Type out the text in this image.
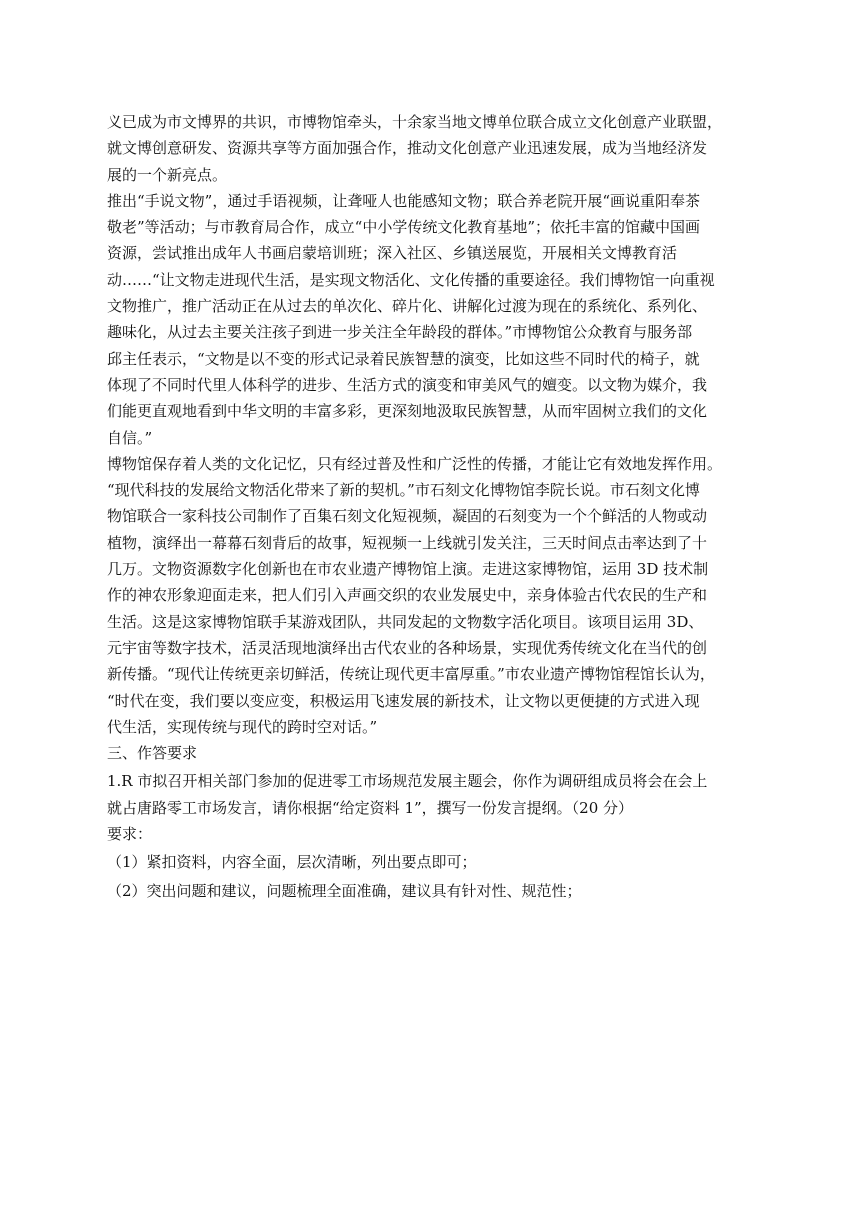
义已成为市文博界的共识，市博物馆牵头，十余家当地文博单位联合成立文化创意产业联盟，
就文博创意研发、资源共享等方面加强合作，推动文化创意产业迅速发展，成为当地经济发
展的一个新亮点。
推出“手说文物”，通过手语视频，让聋哑人也能感知文物；联合养老院开展“画说重阳奉茶
敬老”等活动；与市教育局合作，成立“中小学传统文化教育基地”；依托丰富的馆藏中国画
资源，尝试推出成年人书画启蒙培训班；深入社区、乡镇送展览，开展相关文博教育活
动……“让文物走进现代生活，是实现文物活化、文化传播的重要途径。我们博物馆一向重视
文物推广，推广活动正在从过去的单次化、碎片化、讲解化过渡为现在的系统化、系列化、
趣味化，从过去主要关注孩子到进一步关注全年龄段的群体。”市博物馆公众教育与服务部
邱主任表示，“文物是以不变的形式记录着民族智慧的演变，比如这些不同时代的椅子，就
体现了不同时代里人体科学的进步、生活方式的演变和审美风气的嬗变。以文物为媒介，我
们能更直观地看到中华文明的丰富多彩，更深刻地汲取民族智慧，从而牢固树立我们的文化
自信。”
博物馆保存着人类的文化记忆，只有经过普及性和广泛性的传播，才能让它有效地发挥作用。
“现代科技的发展给文物活化带来了新的契机。”市石刻文化博物馆李院长说。市石刻文化博
物馆联合一家科技公司制作了百集石刻文化短视频，凝固的石刻变为一个个鲜活的人物或动
植物，演绎出一幕幕石刻背后的故事，短视频一上线就引发关注，三天时间点击率达到了十
几万。文物资源数字化创新也在市农业遗产博物馆上演。走进这家博物馆，运用 3D 技术制
作的神农形象迎面走来，把人们引入声画交织的农业发展史中，亲身体验古代农民的生产和
生活。这是这家博物馆联手某游戏团队，共同发起的文物数字活化项目。该项目运用 3D、
元宇宙等数字技术，活灵活现地演绎出古代农业的各种场景，实现优秀传统文化在当代的创
新传播。“现代让传统更亲切鲜活，传统让现代更丰富厚重。”市农业遗产博物馆程馆长认为，
“时代在变，我们要以变应变，积极运用飞速发展的新技术，让文物以更便捷的方式进入现
代生活，实现传统与现代的跨时空对话。”
三、作答要求
1.R 市拟召开相关部门参加的促进零工市场规范发展主题会，你作为调研组成员将会在会上
就占唐路零工市场发言，请你根据“给定资料 1”，撰写一份发言提纲。（20 分）
要求：
（1）紧扣资料，内容全面，层次清晰，列出要点即可；
（2）突出问题和建议，问题梳理全面准确，建议具有针对性、规范性；
